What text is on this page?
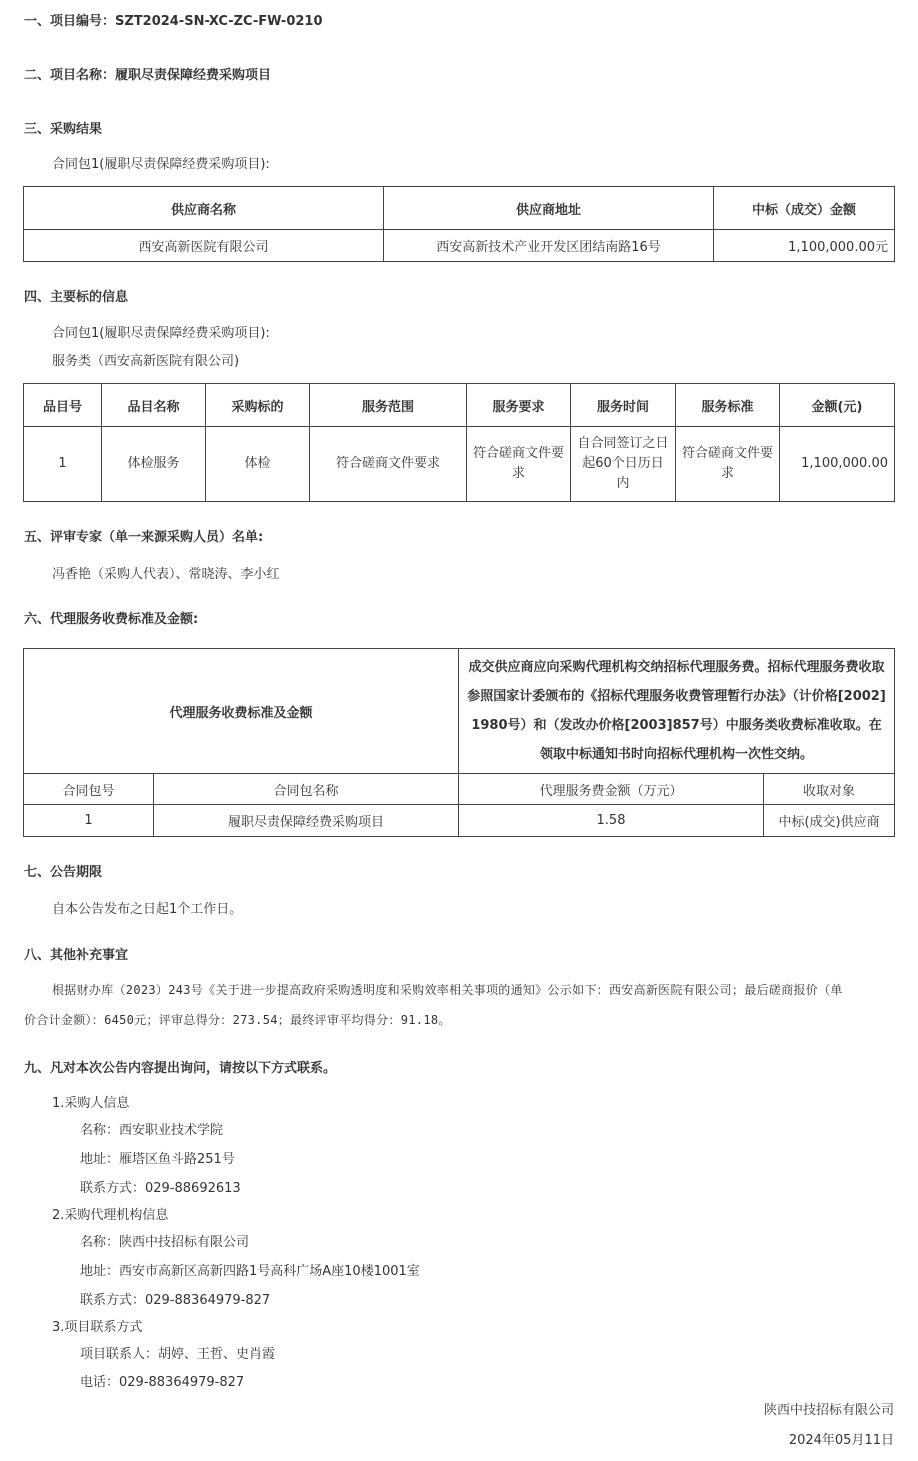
一、项目编号：SZT2024-SN-XC-ZC-FW-0210
二、项目名称：履职尽责保障经费采购项目
三、采购结果
合同包1(履职尽责保障经费采购项目):
供应商名称	供应商地址	中标（成交）金额
西安高新医院有限公司	西安高新技术产业开发区团结南路16号	1,100,000.00元
四、主要标的信息
合同包1(履职尽责保障经费采购项目):
服务类（西安高新医院有限公司)
品目号	品目名称	采购标的	服务范围	服务要求	服务时间	服务标准	金额(元)
1	体检服务	体检	符合磋商文件要求	符合磋商文件要求	自合同签订之日起60个日历日内	符合磋商文件要求	1,100,000.00
五、评审专家（单一来源采购人员）名单:
冯香艳（采购人代表）、常晓涛、李小红
六、代理服务收费标准及金额:
代理服务收费标准及金额		成交供应商应向采购代理机构交纳招标代理服务费。招标代理服务费收取参照国家计委颁布的《招标代理服务收费管理暂行办法》（计价格[2002]1980号）和（发改办价格[2003]857号）中服务类收费标准收取。在领取中标通知书时向招标代理机构一次性交纳。	
合同包号	合同包名称	代理服务费金额（万元）	收取对象
1	履职尽责保障经费采购项目	1.58	中标(成交)供应商
七、公告期限
自本公告发布之日起1个工作日。
八、其他补充事宜
根据财办库（2023）243号《关于进一步提高政府采购透明度和采购效率相关事项的通知》公示如下：西安高新医院有限公司；最后磋商报价（单
价合计金额）：6450元；评审总得分：273.54；最终评审平均得分：91.18。
九、凡对本次公告内容提出询问，请按以下方式联系。
1.采购人信息
名称：西安职业技术学院
地址：雁塔区鱼斗路251号
联系方式：029-88692613
2.采购代理机构信息
名称：陕西中技招标有限公司
地址：西安市高新区高新四路1号高科广场A座10楼1001室
联系方式：029-88364979-827
3.项目联系方式
项目联系人：胡婷、王哲、史肖霞
电话：029-88364979-827
陕西中技招标有限公司
2024年05月11日
